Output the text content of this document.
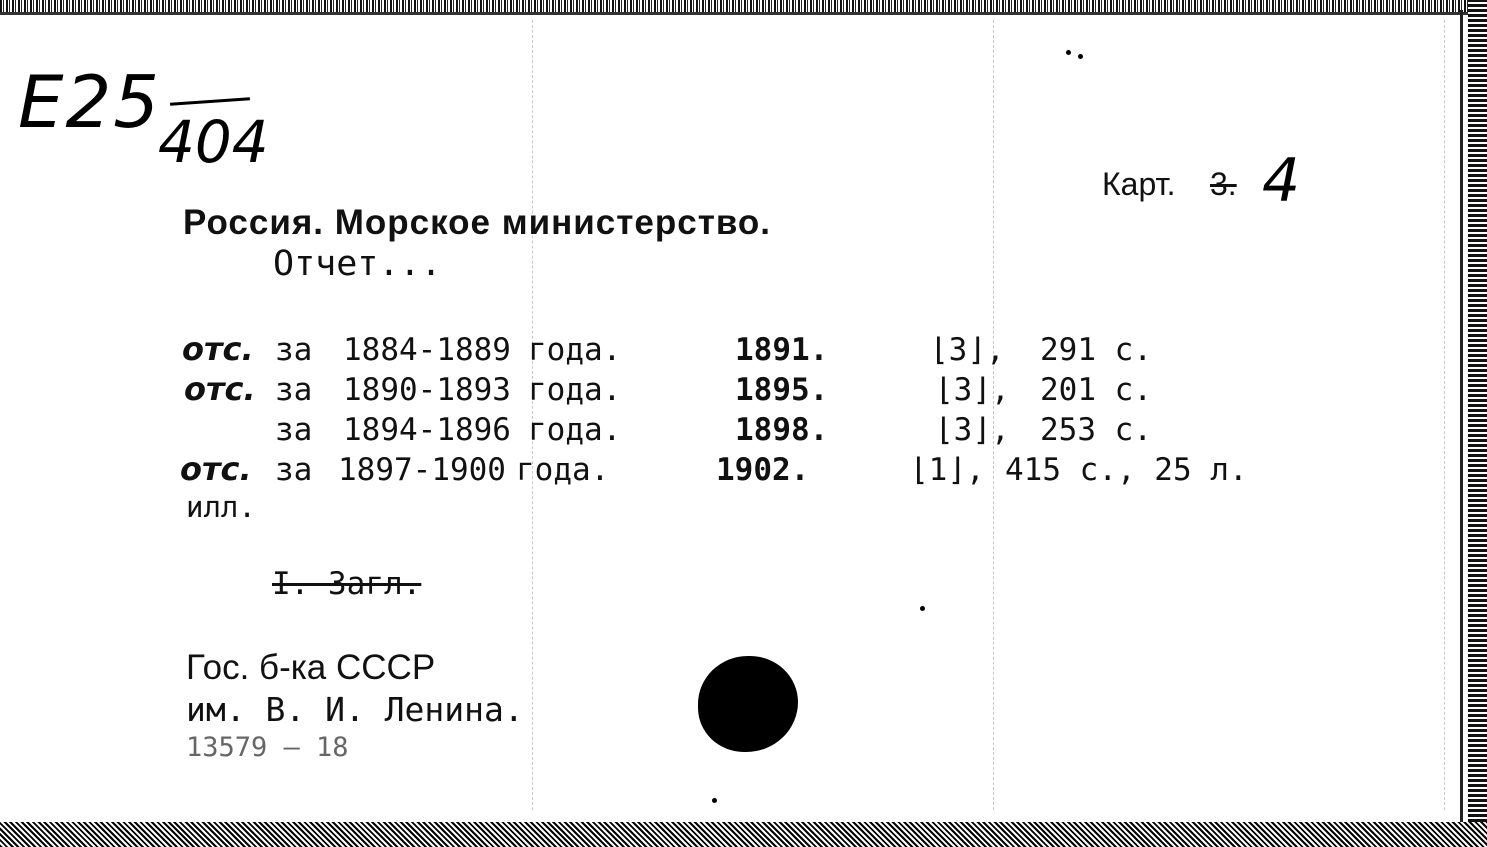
E25
404
Карт. 3. 4
Россия. Морское министерство.
Отчет...
отс. за 1884-1889 года.	1891.	⌊3⌋, 291 с.
отс. за 1890-1893 года.	1895.	⌊3⌋, 201 с.
за 1894-1896 года.	1898.	⌊3⌋, 253 с.
отс. за 1897-1900 года.	1902.	⌊1⌋, 415 с., 25 л.
илл.
I. Загл.
Гос. б-ка СССР
им. В. И. Ленина.
13579 — 18
